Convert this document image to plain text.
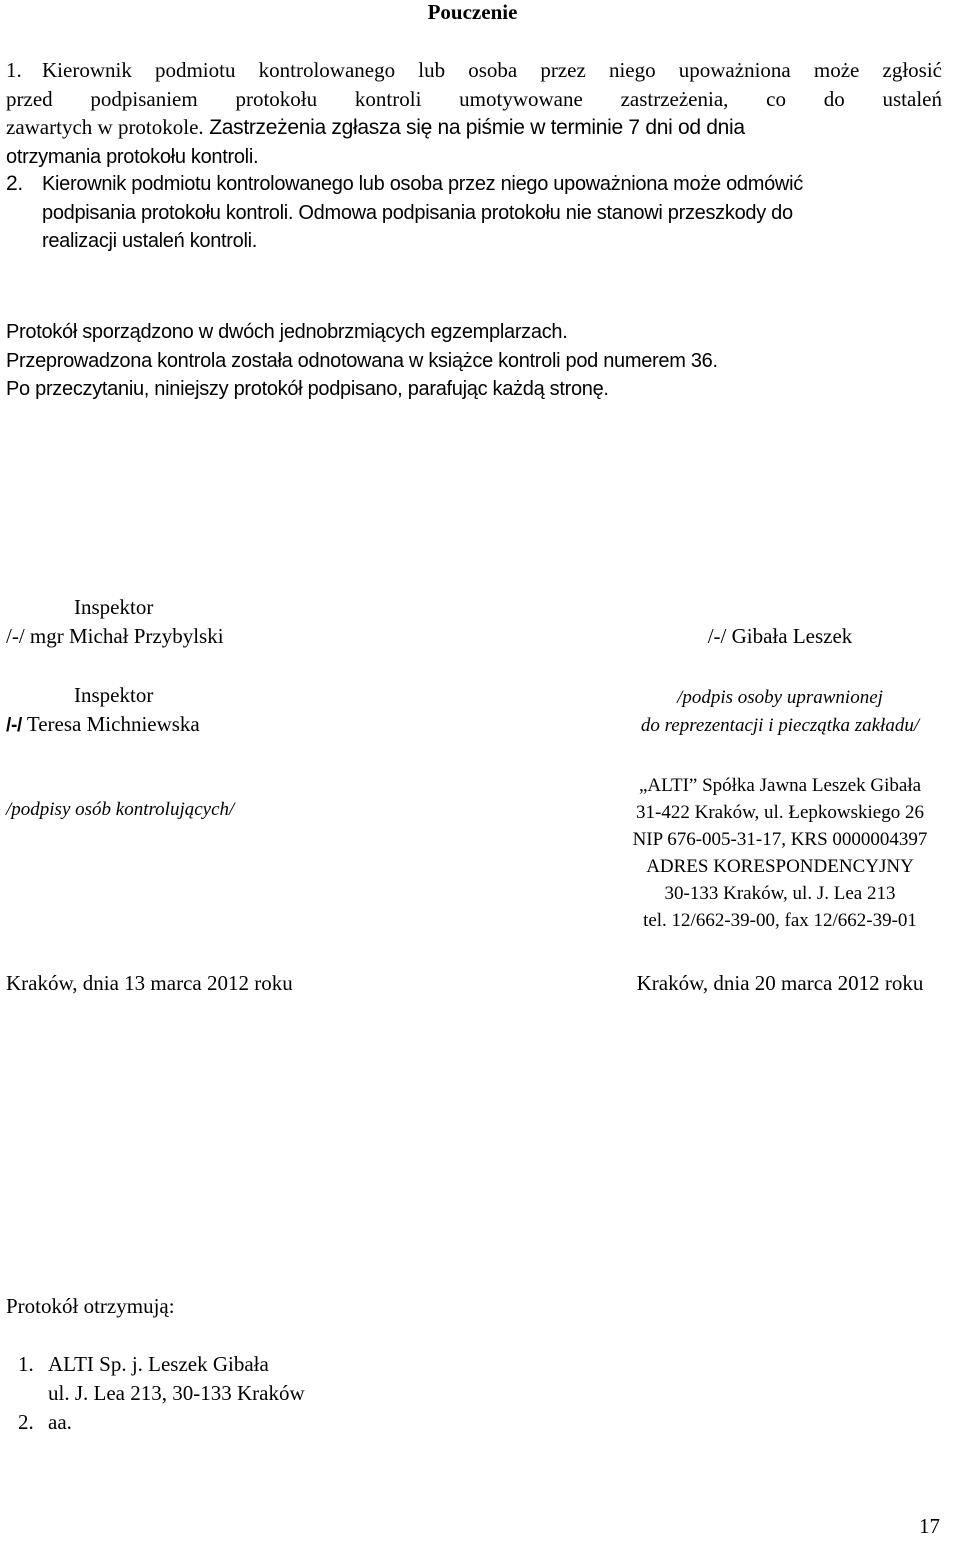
Pouczenie
1. Kierownik podmiotu kontrolowanego lub osoba przez niego upoważniona może zgłosić
przed podpisaniem protokołu kontroli umotywowane zastrzeżenia, co do ustaleń
zawartych w protokole. Zastrzeżenia zgłasza się na piśmie w terminie 7 dni od dnia
otrzymania protokołu kontroli.
2. Kierownik podmiotu kontrolowanego lub osoba przez niego upoważniona może odmówić
podpisania protokołu kontroli. Odmowa podpisania protokołu nie stanowi przeszkody do
realizacji ustaleń kontroli.
Protokół sporządzono w dwóch jednobrzmiących egzemplarzach.
Przeprowadzona kontrola została odnotowana w książce kontroli pod numerem 36.
Po przeczytaniu, niniejszy protokół podpisano, parafując każdą stronę.
Inspektor
/-/ mgr Michał Przybylski
Inspektor
/-/ Teresa Michniewska
/podpisy osób kontrolujących/
Kraków, dnia 13 marca 2012 roku
/-/ Gibała Leszek
/podpis osoby uprawnionej
do reprezentacji i pieczątka zakładu/
„ALTI” Spółka Jawna Leszek Gibała
31-422 Kraków, ul. Łepkowskiego 26
NIP 676-005-31-17, KRS 0000004397
ADRES KORESPONDENCYJNY
30-133 Kraków, ul. J. Lea 213
tel. 12/662-39-00, fax 12/662-39-01
Kraków, dnia 20 marca 2012 roku
Protokół otrzymują:
1. ALTI Sp. j. Leszek Gibała
ul. J. Lea 213, 30-133 Kraków
2. aa.
17
